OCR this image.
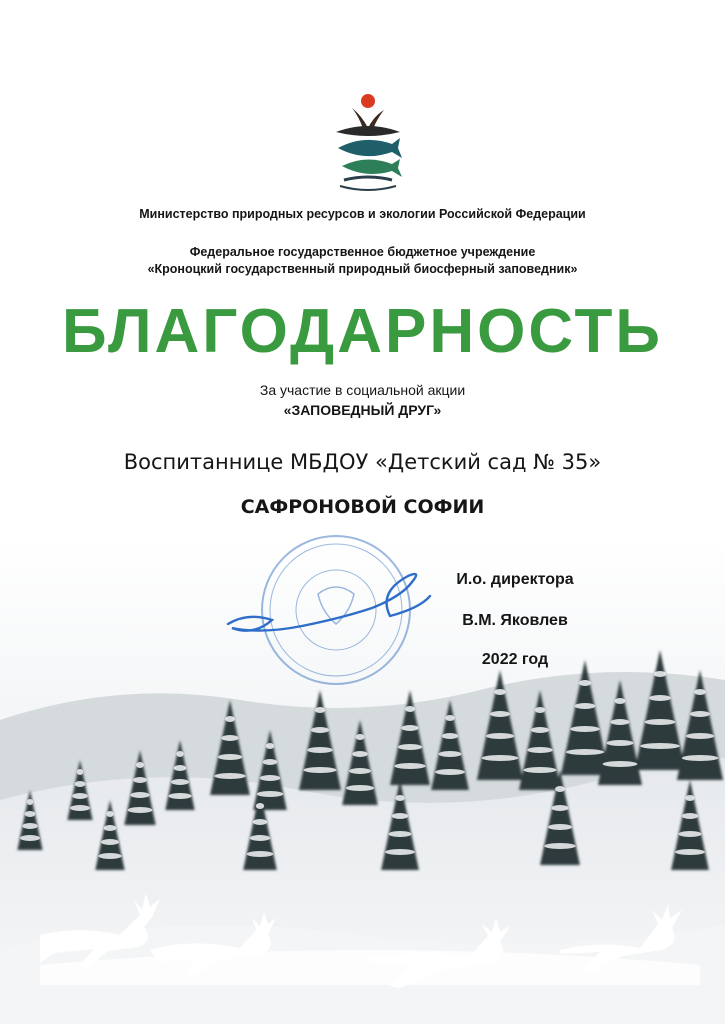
Министерство природных ресурсов и экологии Российской Федерации
Федеральное государственное бюджетное учреждение
«Кроноцкий государственный природный биосферный заповедник»
БЛАГОДАРНОСТЬ
За участие в социальной акции
«ЗАПОВЕДНЫЙ ДРУГ»
Воспитаннице МБДОУ «Детский сад № 35»
САФРОНОВОЙ СОФИИ
И.о. директора
В.М. Яковлев
2022 год
